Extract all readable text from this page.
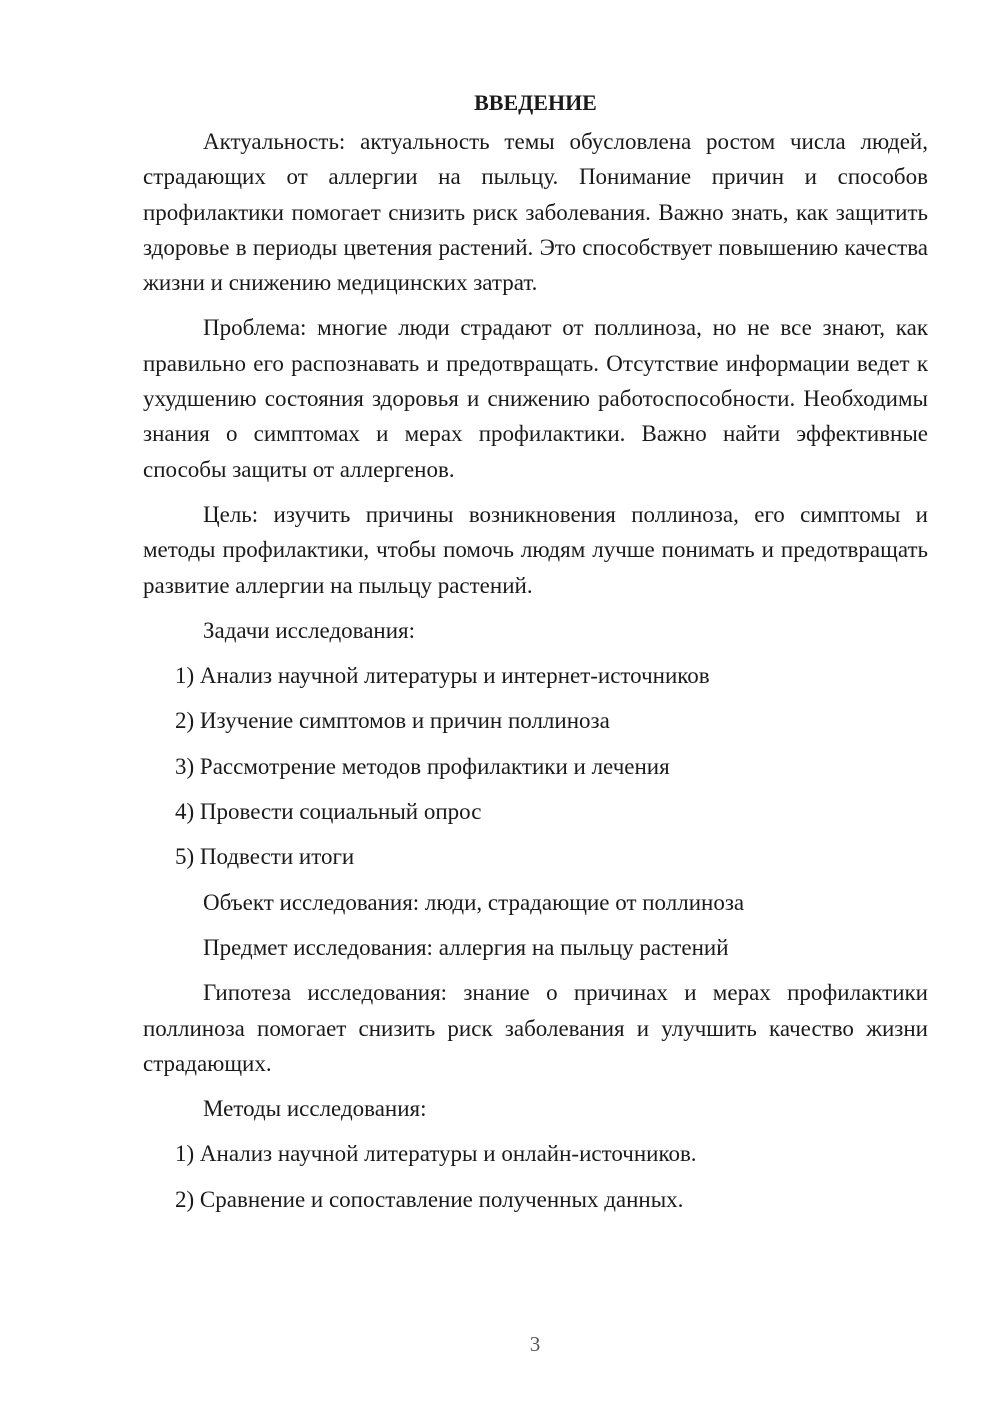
ВВЕДЕНИЕ

Актуальность: актуальность темы обусловлена ростом числа людей, страдающих от аллергии на пыльцу. Понимание причин и способов профилактики помогает снизить риск заболевания. Важно знать, как защитить здоровье в периоды цветения растений. Это способствует повышению качества жизни и снижению медицинских затрат.

Проблема: многие люди страдают от поллиноза, но не все знают, как правильно его распознавать и предотвращать. Отсутствие информации ведет к ухудшению состояния здоровья и снижению работоспособности. Необходимы знания о симптомах и мерах профилактики. Важно найти эффективные способы защиты от аллергенов.

Цель: изучить причины возникновения поллиноза, его симптомы и методы профилактики, чтобы помочь людям лучше понимать и предотвращать развитие аллергии на пыльцу растений.

Задачи исследования:

1) Анализ научной литературы и интернет-источников

2) Изучение симптомов и причин поллиноза

3) Рассмотрение методов профилактики и лечения

4) Провести социальный опрос

5) Подвести итоги

Объект исследования: люди, страдающие от поллиноза

Предмет исследования: аллергия на пыльцу растений

Гипотеза исследования: знание о причинах и мерах профилактики поллиноза помогает снизить риск заболевания и улучшить качество жизни страдающих.

Методы исследования:

1) Анализ научной литературы и онлайн-источников.

2) Сравнение и сопоставление полученных данных.

3
